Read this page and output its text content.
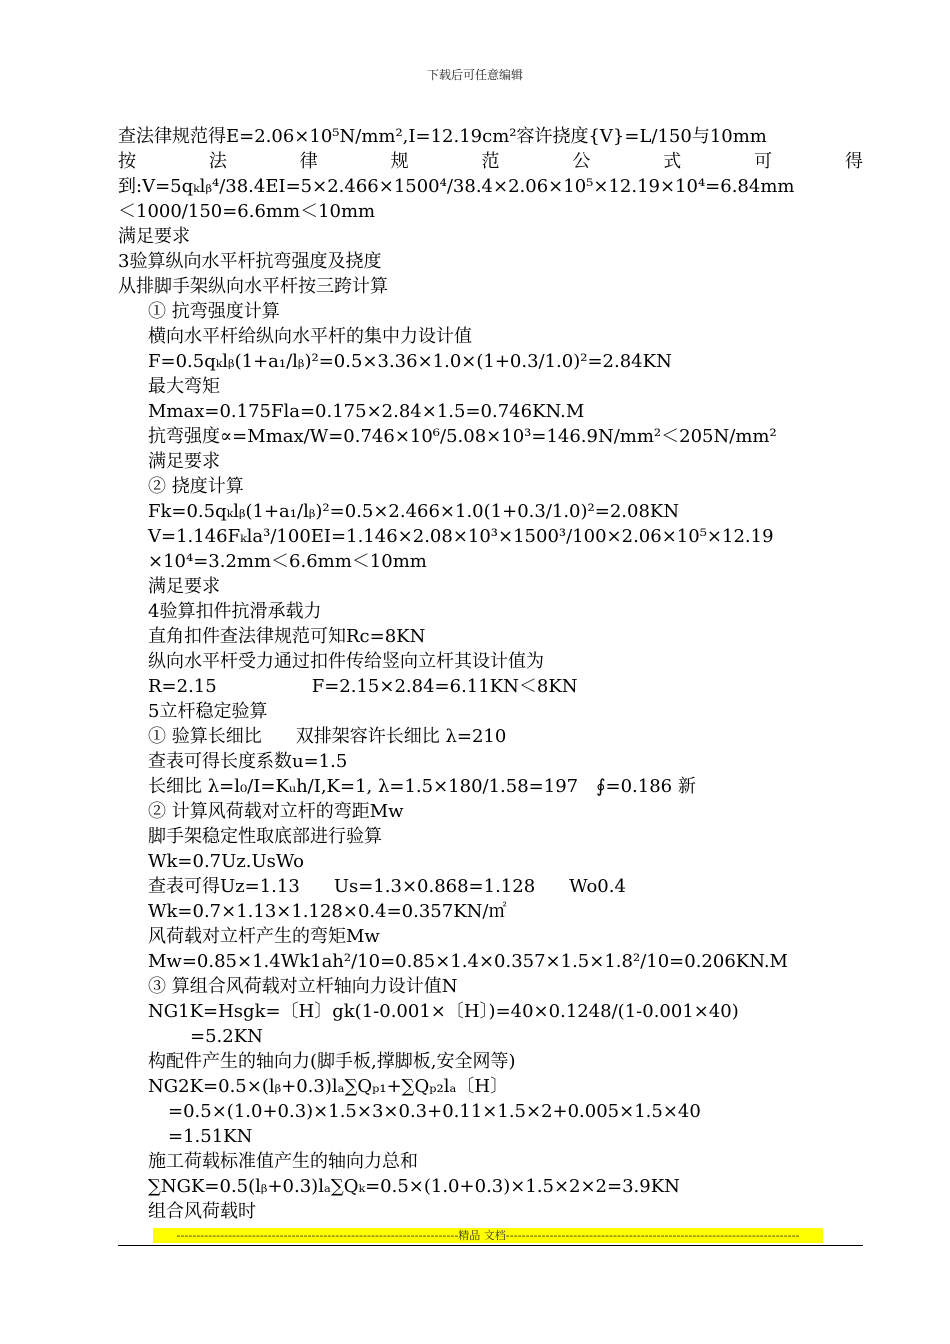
下载后可任意编辑
查法律规范得E=2.06×10⁵N/mm²,I=12.19cm²容许挠度{V}=L/150与10mm
按	法	律	规	范	公	式	可	得
到:V=5qₖlᵦ⁴/38.4EI=5×2.466×1500⁴/38.4×2.06×10⁵×12.19×10⁴=6.84mm
＜1000/150=6.6mm＜10mm
满足要求
3验算纵向水平杆抗弯强度及挠度
从排脚手架纵向水平杆按三跨计算
① 抗弯强度计算
横向水平杆给纵向水平杆的集中力设计值
F=0.5qₖlᵦ(1+a₁/lᵦ)²=0.5×3.36×1.0×(1+0.3/1.0)²=2.84KN
最大弯矩
Mmax=0.175Fla=0.175×2.84×1.5=0.746KN.M
抗弯强度∝=Mmax/W=0.746×10⁶/5.08×10³=146.9N/mm²＜205N/mm²
满足要求
② 挠度计算
Fk=0.5qₖlᵦ(1+a₁/lᵦ)²=0.5×2.466×1.0(1+0.3/1.0)²=2.08KN
V=1.146Fₖla³/100EI=1.146×2.08×10³×1500³/100×2.06×10⁵×12.19
×10⁴=3.2mm＜6.6mm＜10mm
满足要求
4验算扣件抗滑承载力
直角扣件查法律规范可知Rc=8KN
纵向水平杆受力通过扣件传给竖向立杆其设计值为
R=2.15	F=2.15×2.84=6.11KN＜8KN
5立杆稳定验算
① 验算长细比 双排架容许长细比 λ=210
查表可得长度系数u=1.5
长细比 λ=l₀/I=Kᵤh/I,K=1, λ=1.5×180/1.58=197 ∮=0.186 新
② 计算风荷载对立杆的弯距Mw
脚手架稳定性取底部进行验算
Wk=0.7Uz.UsWo
查表可得Uz=1.13 Us=1.3×0.868=1.128 Wo0.4
Wk=0.7×1.13×1.128×0.4=0.357KN/㎡
风荷载对立杆产生的弯矩Mw
Mw=0.85×1.4Wk1ah²/10=0.85×1.4×0.357×1.5×1.8²/10=0.206KN.M
③ 算组合风荷载对立杆轴向力设计值N
NG1K=Hsgk=〔H〕gk(1-0.001×〔H〕)=40×0.1248/(1-0.001×40)
=5.2KN
构配件产生的轴向力(脚手板,撑脚板,安全网等)
NG2K=0.5×(lᵦ+0.3)lₐ∑Qₚ₁+∑Qₚ₂lₐ〔H〕
=0.5×(1.0+0.3)×1.5×3×0.3+0.11×1.5×2+0.005×1.5×40
=1.51KN
施工荷载标准值产生的轴向力总和
∑NGK=0.5(lᵦ+0.3)lₐ∑Qₖ=0.5×(1.0+0.3)×1.5×2×2=3.9KN
组合风荷载时
-----------------------------------------------------------------------精品 文档--------------------------------------------------------------------------
